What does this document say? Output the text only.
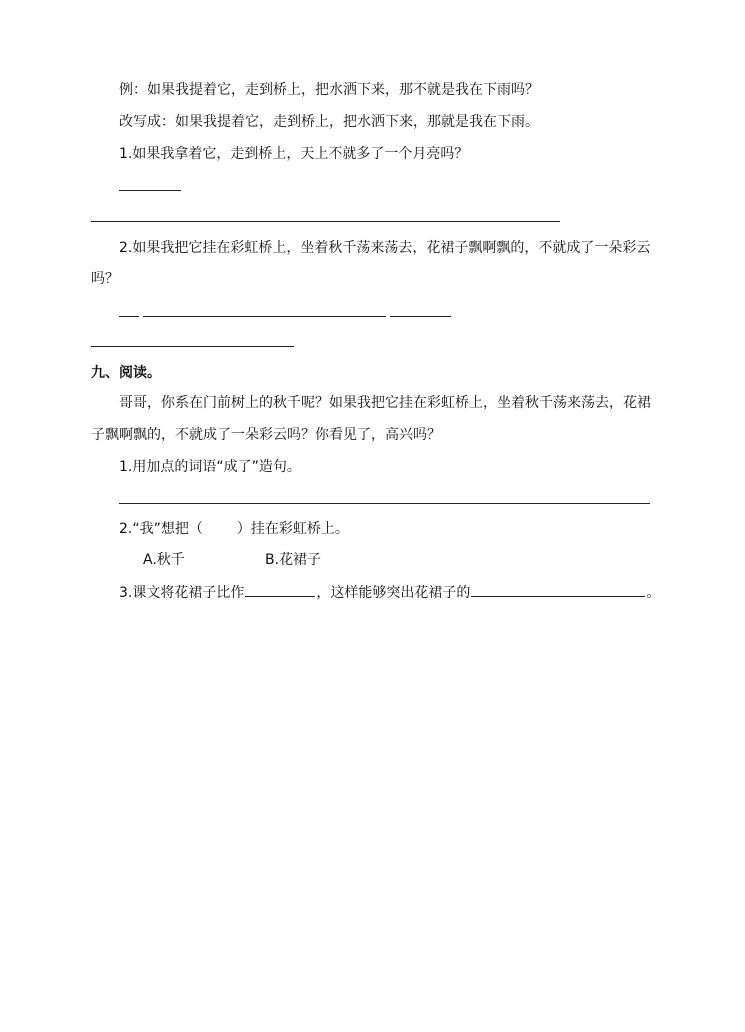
例：如果我提着它，走到桥上，把水洒下来，那不就是我在下雨吗？
改写成：如果我提着它，走到桥上，把水洒下来，那就是我在下雨。
1.如果我拿着它，走到桥上，天上不就多了一个月亮吗？
2.如果我把它挂在彩虹桥上，坐着秋千荡来荡去，花裙子飘啊飘的，不就成了一朵彩云
吗？
九、阅读。
哥哥，你系在门前树上的秋千呢？如果我把它挂在彩虹桥上，坐着秋千荡来荡去，花裙
子飘啊飘的，不就成了一朵彩云吗？你看见了，高兴吗？
1.用加点的词语“成了”造句。
2.“我”想把（ ）挂在彩虹桥上。
A.秋千	B.花裙子
3.课文将花裙子比作	，这样能够突出花裙子的	。
